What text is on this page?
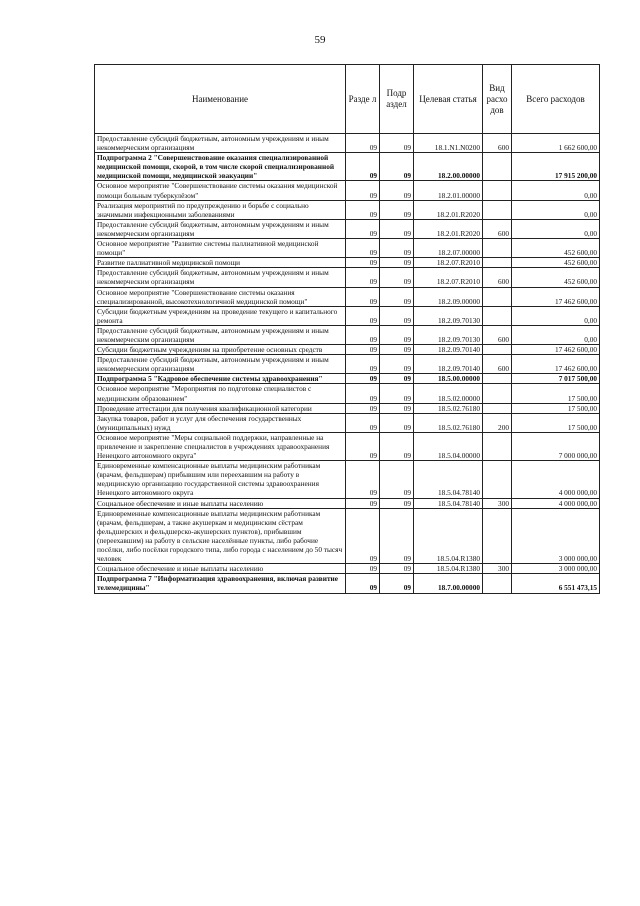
59
Наименование	Разде л	Подр аздел	Целевая статья	Вид расхо дов	Всего расходов
Предоставление субсидий бюджетным, автономным учреждениям и иным некоммерческим организациям	09	09	18.1.N1.N0200	600	1 662 600,00
Подпрограмма 2 "Совершенствование оказания специализированной медицинской помощи, скорой, в том числе скорой специализированной медицинской помощи, медицинской эвакуации"	09	09	18.2.00.00000		17 915 200,00
Основное мероприятие "Совершенствование системы оказания медицинской помощи больным туберкулёзом"	09	09	18.2.01.00000		0,00
Реализация мероприятий по предупреждению и борьбе с социально значимыми инфекционными заболеваниями	09	09	18.2.01.R2020		0,00
Предоставление субсидий бюджетным, автономным учреждениям и иным некоммерческим организациям	09	09	18.2.01.R2020	600	0,00
Основное мероприятие "Развитие системы паллиативной медицинской помощи"	09	09	18.2.07.00000		452 600,00
Развитие паллиативной медицинской помощи	09	09	18.2.07.R2010		452 600,00
Предоставление субсидий бюджетным, автономным учреждениям и иным некоммерческим организациям	09	09	18.2.07.R2010	600	452 600,00
Основное мероприятие "Совершенствование системы оказания специализированной, высокотехнологичной медицинской помощи"	09	09	18.2.09.00000		17 462 600,00
Субсидии бюджетным учреждениям на проведение текущего и капитального ремонта	09	09	18.2.09.70130		0,00
Предоставление субсидий бюджетным, автономным учреждениям и иным некоммерческим организациям	09	09	18.2.09.70130	600	0,00
Субсидии бюджетным учреждениям на приобретение основных средств	09	09	18.2.09.70140		17 462 600,00
Предоставление субсидий бюджетным, автономным учреждениям и иным некоммерческим организациям	09	09	18.2.09.70140	600	17 462 600,00
Подпрограмма 5 "Кадровое обеспечение системы здравоохранения"	09	09	18.5.00.00000		7 017 500,00
Основное мероприятие "Мероприятия по подготовке специалистов с медицинским образованием"	09	09	18.5.02.00000		17 500,00
Проведение аттестации для получения квалификационной категории	09	09	18.5.02.76180		17 500,00
Закупка товаров, работ и услуг для обеспечения государственных (муниципальных) нужд	09	09	18.5.02.76180	200	17 500,00
Основное мероприятие "Меры социальной поддержки, направленные на привлечение и закрепление специалистов в учреждениях здравоохранения Ненецкого автономного округа"	09	09	18.5.04.00000		7 000 000,00
Единовременные компенсационные выплаты медицинским работникам (врачам, фельдшерам) прибывшим или переехавшим на работу в медицинскую организацию государственной системы здравоохранения Ненецкого автономного округа	09	09	18.5.04.78140		4 000 000,00
Социальное обеспечение и иные выплаты населению	09	09	18.5.04.78140	300	4 000 000,00
Единовременные компенсационные выплаты медицинским работникам (врачам, фельдшерам, а также акушеркам и медицинским сёстрам фельдшерских и фельдшерско-акушерских пунктов), прибывшим (переехавшим) на работу в сельские населённые пункты, либо рабочие посёлки, либо посёлки городского типа, либо города с населением до 50 тысяч человек	09	09	18.5.04.R1380		3 000 000,00
Социальное обеспечение и иные выплаты населению	09	09	18.5.04.R1380	300	3 000 000,00
Подпрограмма 7 "Информатизация здравоохранения, включая развитие телемедицины"	09	09	18.7.00.00000		6 551 473,15
